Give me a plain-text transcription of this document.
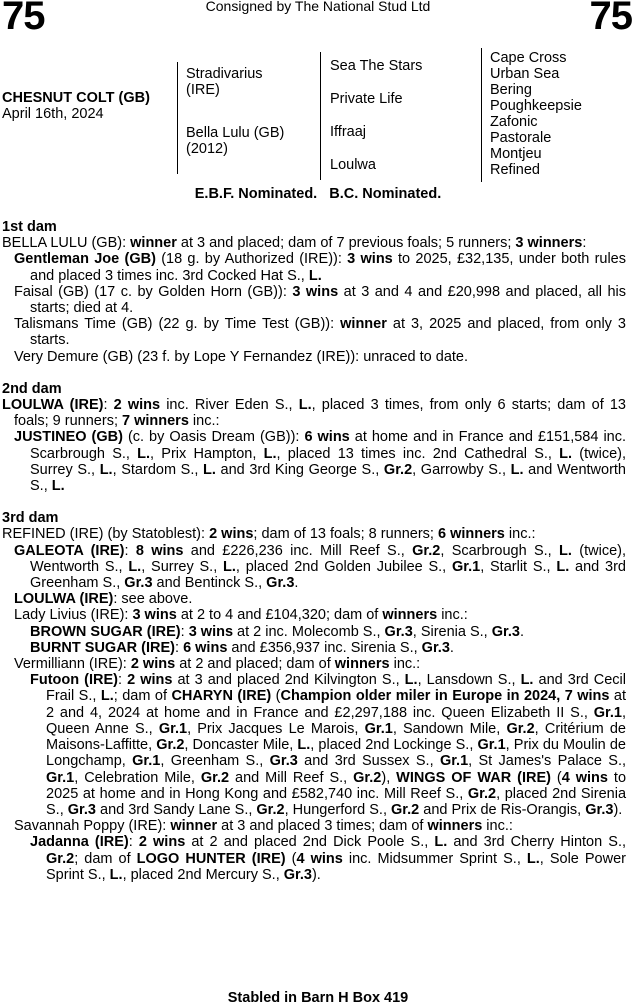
75	Consigned by The National Stud Ltd	75
CHESNUT COLT (GB)
April 16th, 2024
Stradivarius
(IRE)
Bella Lulu (GB)
(2012)
Sea The Stars
Private Life
Iffraaj
Loulwa
Cape Cross
Urban Sea
Bering
Poughkeepsie
Zafonic
Pastorale
Montjeu
Refined
E.B.F. Nominated. B.C. Nominated.
1st dam
BELLA LULU (GB): winner at 3 and placed; dam of 7 previous foals; 5 runners; 3 winners:
Gentleman Joe (GB) (18 g. by Authorized (IRE)): 3 wins to 2025, £32,135, under both rules and placed 3 times inc. 3rd Cocked Hat S., L.
Faisal (GB) (17 c. by Golden Horn (GB)): 3 wins at 3 and 4 and £20,998 and placed, all his starts; died at 4.
Talismans Time (GB) (22 g. by Time Test (GB)): winner at 3, 2025 and placed, from only 3 starts.
Very Demure (GB) (23 f. by Lope Y Fernandez (IRE)): unraced to date.
2nd dam
LOULWA (IRE): 2 wins inc. River Eden S., L., placed 3 times, from only 6 starts; dam of 13 foals; 9 runners; 7 winners inc.:
JUSTINEO (GB) (c. by Oasis Dream (GB)): 6 wins at home and in France and £151,584 inc. Scarbrough S., L., Prix Hampton, L., placed 13 times inc. 2nd Cathedral S., L. (twice), Surrey S., L., Stardom S., L. and 3rd King George S., Gr.2, Garrowby S., L. and Wentworth S., L.
3rd dam
REFINED (IRE) (by Statoblest): 2 wins; dam of 13 foals; 8 runners; 6 winners inc.:
GALEOTA (IRE): 8 wins and £226,236 inc. Mill Reef S., Gr.2, Scarbrough S., L. (twice), Wentworth S., L., Surrey S., L., placed 2nd Golden Jubilee S., Gr.1, Starlit S., L. and 3rd Greenham S., Gr.3 and Bentinck S., Gr.3.
LOULWA (IRE): see above.
Lady Livius (IRE): 3 wins at 2 to 4 and £104,320; dam of winners inc.:
BROWN SUGAR (IRE): 3 wins at 2 inc. Molecomb S., Gr.3, Sirenia S., Gr.3.
BURNT SUGAR (IRE): 6 wins and £356,937 inc. Sirenia S., Gr.3.
Vermilliann (IRE): 2 wins at 2 and placed; dam of winners inc.:
Futoon (IRE): 2 wins at 3 and placed 2nd Kilvington S., L., Lansdown S., L. and 3rd Cecil Frail S., L.; dam of CHARYN (IRE) (Champion older miler in Europe in 2024, 7 wins at 2 and 4, 2024 at home and in France and £2,297,188 inc. Queen Elizabeth II S., Gr.1, Queen Anne S., Gr.1, Prix Jacques Le Marois, Gr.1, Sandown Mile, Gr.2, Critérium de Maisons-Laffitte, Gr.2, Doncaster Mile, L., placed 2nd Lockinge S., Gr.1, Prix du Moulin de Longchamp, Gr.1, Greenham S., Gr.3 and 3rd Sussex S., Gr.1, St James's Palace S., Gr.1, Celebration Mile, Gr.2 and Mill Reef S., Gr.2), WINGS OF WAR (IRE) (4 wins to 2025 at home and in Hong Kong and £582,740 inc. Mill Reef S., Gr.2, placed 2nd Sirenia S., Gr.3 and 3rd Sandy Lane S., Gr.2, Hungerford S., Gr.2 and Prix de Ris-Orangis, Gr.3).
Savannah Poppy (IRE): winner at 3 and placed 3 times; dam of winners inc.:
Jadanna (IRE): 2 wins at 2 and placed 2nd Dick Poole S., L. and 3rd Cherry Hinton S., Gr.2; dam of LOGO HUNTER (IRE) (4 wins inc. Midsummer Sprint S., L., Sole Power Sprint S., L., placed 2nd Mercury S., Gr.3).
Stabled in Barn H Box 419
